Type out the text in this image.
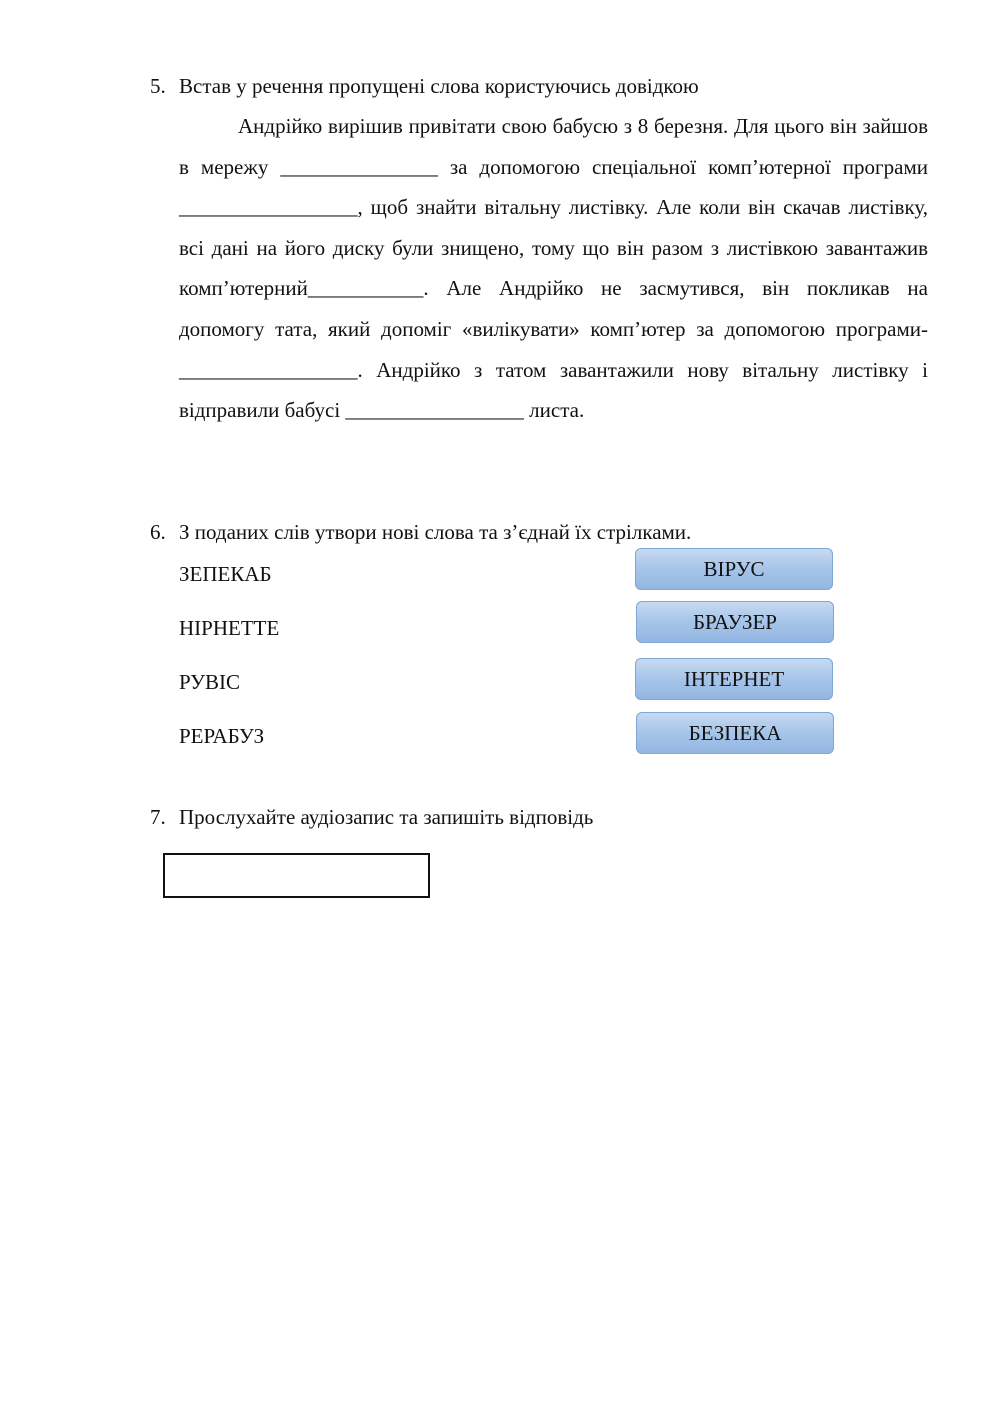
5. Встав у речення пропущені слова користуючись довідкою
Андрійко вирішив привітати свою бабусю з 8 березня. Для цього він зайшов в мережу _______________ за допомогою спеціальної комп’ютерної програми _________________, щоб знайти вітальну листівку. Але коли він скачав листівку, всі дані на його диску були знищено, тому що він разом з листівкою завантажив комп’ютерний___________. Але Андрійко не засмутився, він покликав на допомогу тата, який допоміг «вилікувати» комп’ютер за допомогою програми-_________________. Андрійко з татом завантажили нову вітальну листівку і відправили бабусі _________________ листа.
6. З поданих слів утвори нові слова та з’єднай їх стрілками.
ЗЕПЕКАБ
НІРНЕТТЕ
РУВІС
РЕРАБУЗ
ВІРУС
БРАУЗЕР
ІНТЕРНЕТ
БЕЗПЕКА
7. Прослухайте аудіозапис та запишіть відповідь
